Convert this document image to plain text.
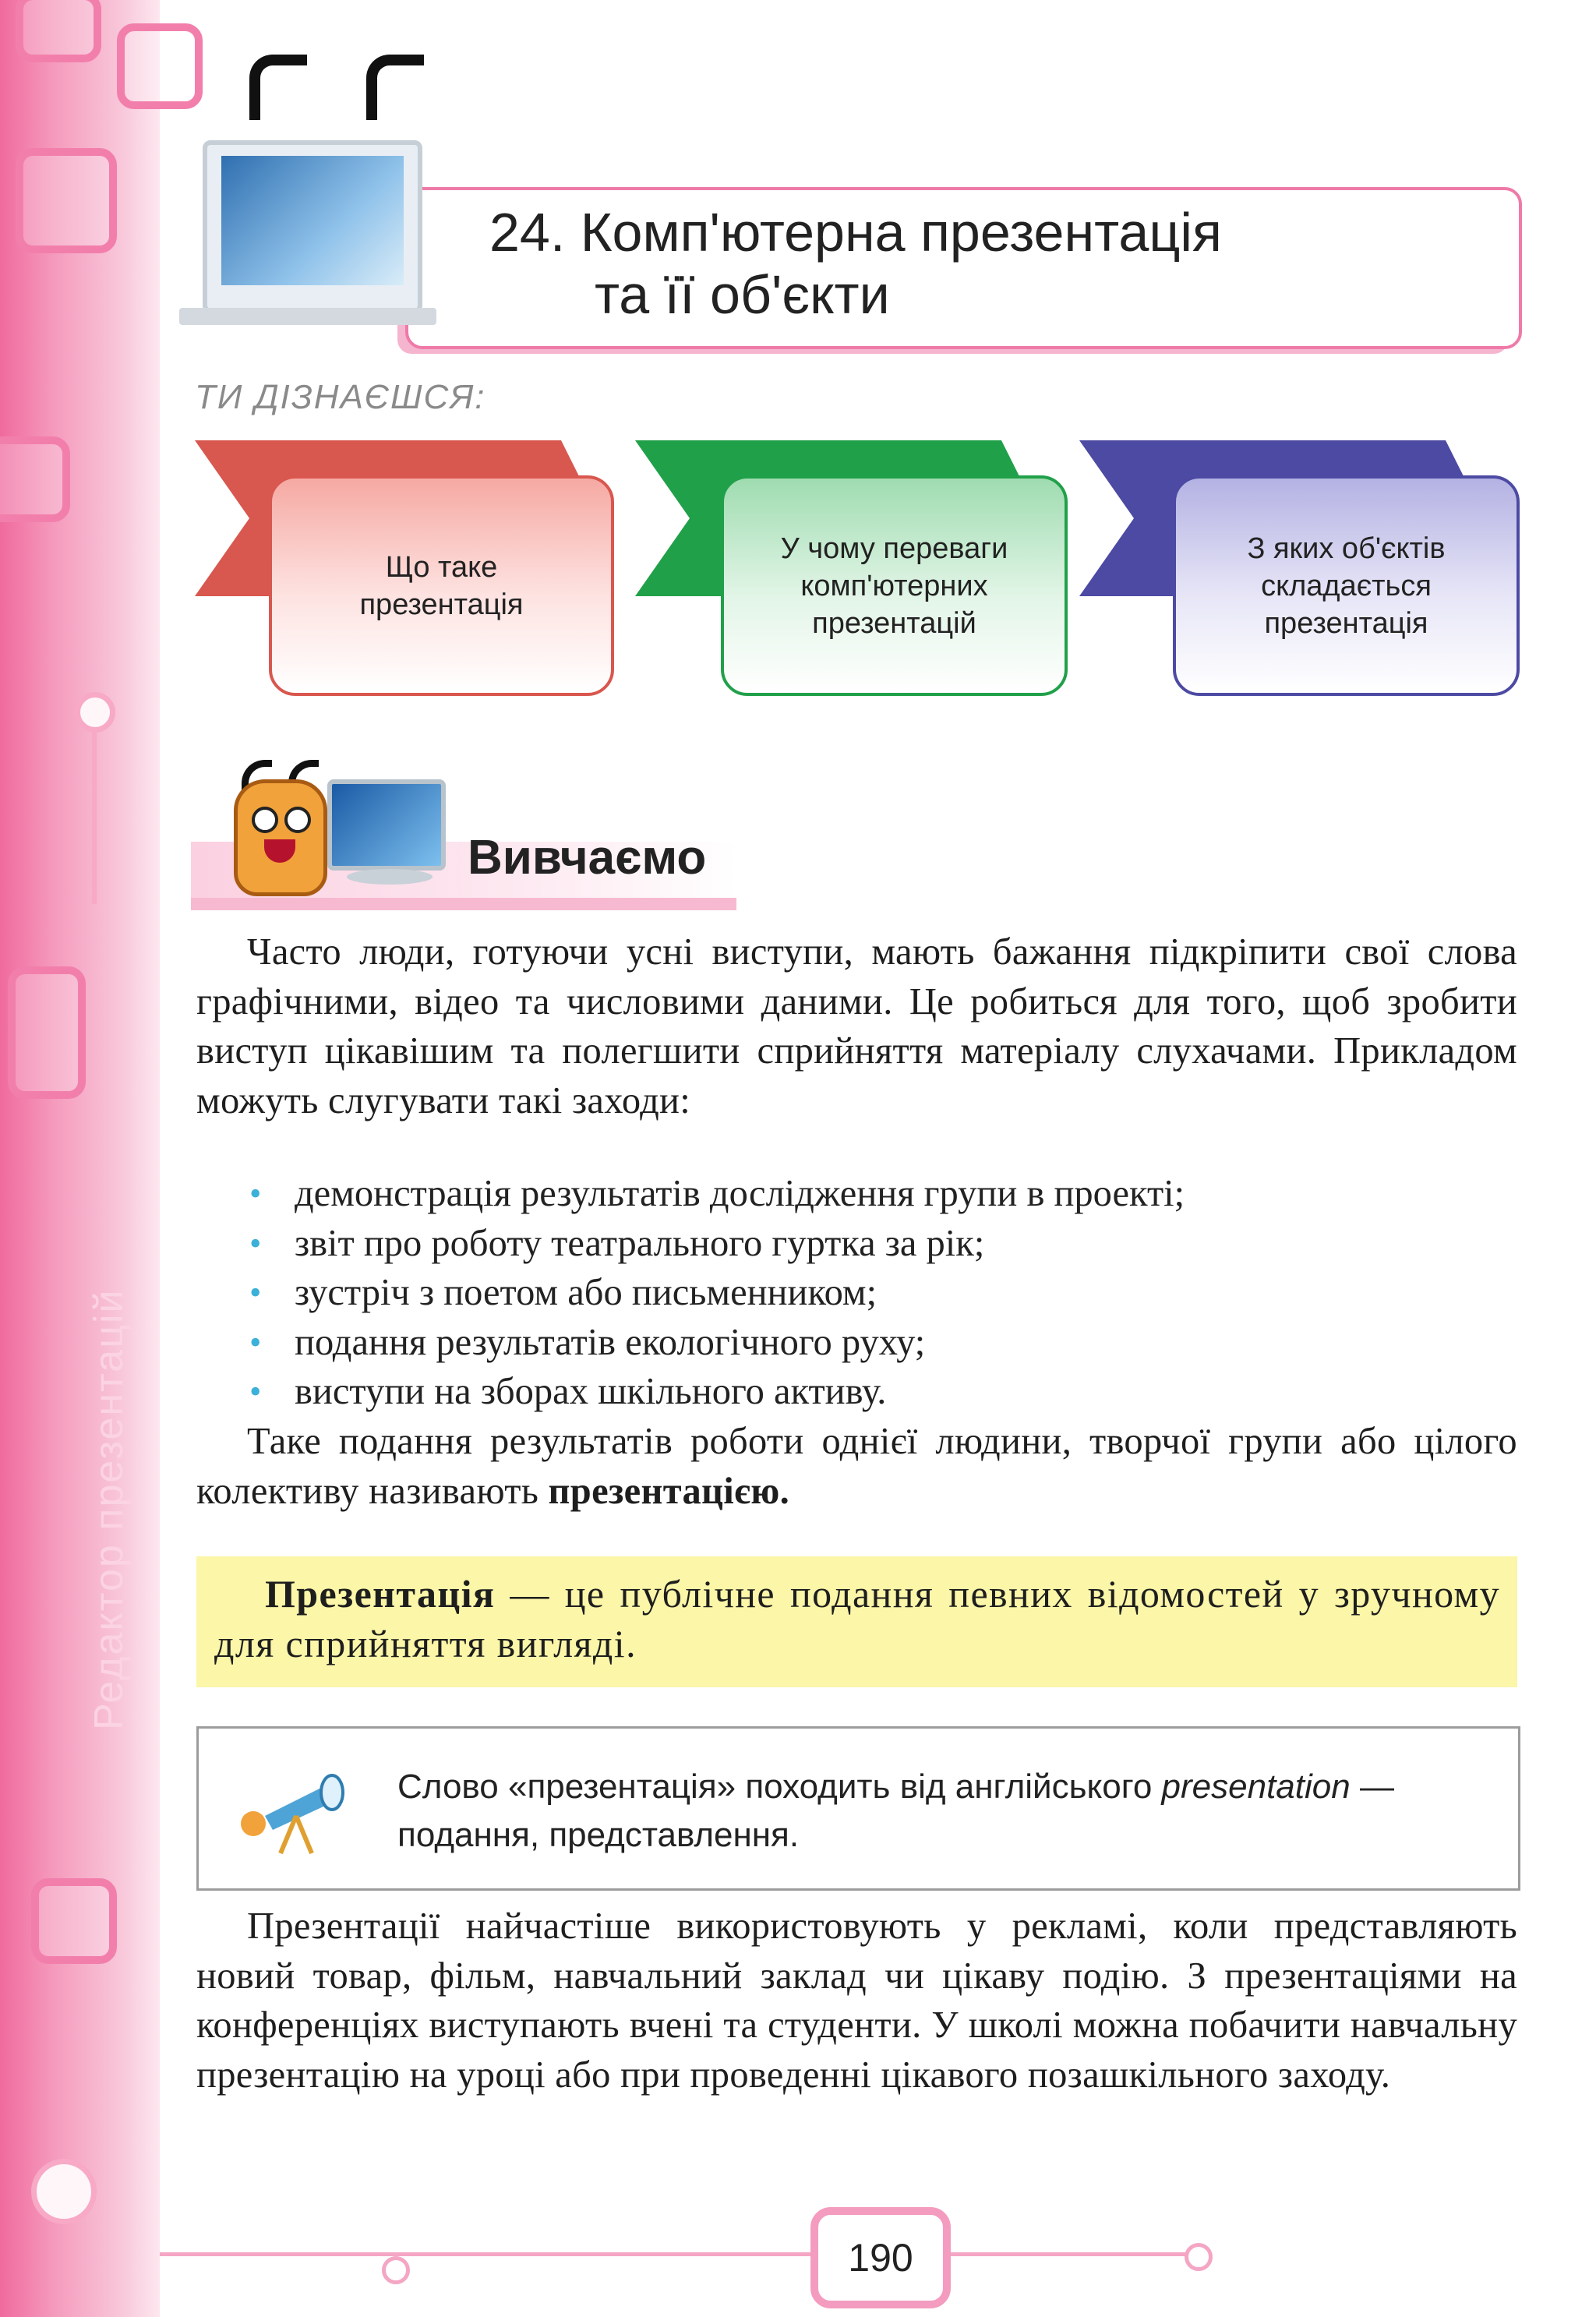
Редактор презентацій
24. Комп'ютерна презентація
та її об'єкти
ТИ ДІЗНАЄШСЯ:
Що таке
презентація
У чому переваги
комп'ютерних
презентацій
З яких об'єктів
складається
презентація
Вивчаємо
Часто люди, готуючи усні виступи, мають бажання підкріпити свої слова графічними, відео та числовими даними. Це робиться для того, щоб зробити виступ цікавішим та полегшити сприйняття матеріалу слухачами. Прикладом можуть слугувати такі заходи:
• демонстрація результатів дослідження групи в проекті;
• звіт про роботу театрального гуртка за рік;
• зустріч з поетом або письменником;
• подання результатів екологічного руху;
• виступи на зборах шкільного активу.
Таке подання результатів роботи однієї людини, творчої групи або цілого колективу називають презентацією.
Презентація — це публічне подання певних відомостей у зручному для сприйняття вигляді.
Слово «презентація» походить від англійського presentation — подання, представлення.
Презентації найчастіше використовують у рекламі, коли представляють новий товар, фільм, навчальний заклад чи цікаву подію. З презентаціями на конференціях виступають вчені та студенти. У школі можна побачити навчальну презентацію на уроці або при проведенні цікавого позашкільного заходу.
190
